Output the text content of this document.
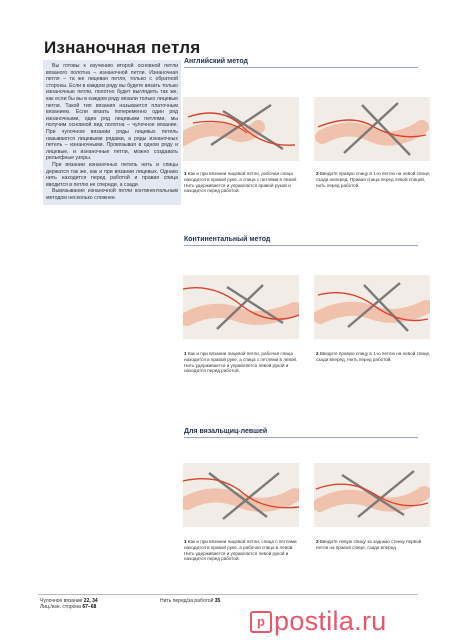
Изнаночная петля

Вы готовы к изучению второй основной петли вязаного полотна – изнаночной петли. Изнаночная петля – та же лицевая петля, только с обратной стороны. Если в каждом ряду вы будете вязать только изнаночные петли, полотно будет выглядеть так же, как если бы вы в каждом ряду вязали только лицевые петли. Такой тип вязания называется платочным вязанием. Если вязать попеременно один ряд изнаночными, один ряд лицевыми петлями, мы получим основной вид полотна – чулочное вязание. При чулочном вязании ряды лицевых петель называются лицевыми рядами, а ряды изнаночных петель – изнаночными. Провязывая в одном ряду и лицевые, и изнаночные петли, можно создавать рельефные узоры.

При вязании изнаночных петель нить и спицы держатся так же, как и при вязании лицевых. Однако нить находится перед работой и правая спица вводится в петлю не спереди, а сзади.

Вывязывание изнаночной петли континентальным методом несколько сложнее.

Английский метод
1 Как и при вязании лицевой петли, рабочая спица находится в правой руке, а спица с петлями в левой. Нить удерживается и управляется правой рукой и находится перед работой.
2 Введите правую спицу в 1-ю петлю на левой спице, сзади наперед. Правая спица перед левой спицей, нить перед работой.
Континентальный метод
1 Как и при вязании лицевой петли, рабочая спица находится в правой руке, а спица с петлями в левой. Нить удерживается и управляется левой рукой и находится перед работой.
2 Введите правую спицу в 1-ю петлю на левой спице, сзади вперед. Нить перед работой.
Для вязальщиц-левшей
1 Как и при вязании лицевой петли, спица с петлями находится в правой руке, а рабочая спица в левой. Нить удерживается и управляется левой рукой и находится перед работой.
2 Введите левую спицу за заднюю стенку первой петли на правой спице, сзади вперед.
Чулочное вязание 22, 34
Лиц./изн. сторона 67–68
Нить перед/за работой 35
p postila.ru
